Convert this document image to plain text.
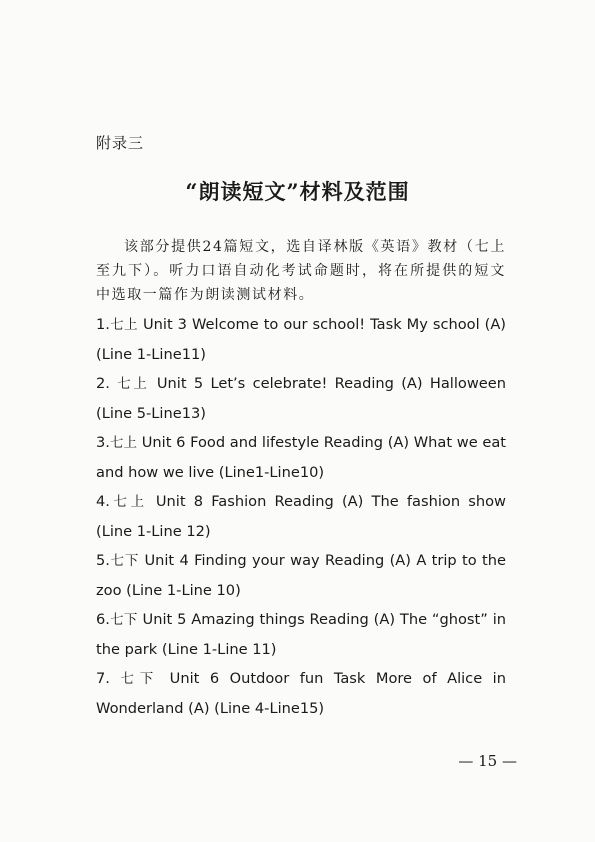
附录三
“朗读短文”材料及范围
该部分提供24篇短文，选自译林版《英语》教材（七上至九下）。听力口语自动化考试命题时，将在所提供的短文中选取一篇作为朗读测试材料。
1.七上 Unit 3 Welcome to our school! Task My school (A) (Line 1-Line11)
2. 七上 Unit 5 Let’s celebrate! Reading (A) Halloween (Line 5-Line13)
3.七上 Unit 6 Food and lifestyle Reading (A) What we eat and how we live (Line1-Line10)
4.七上 Unit 8 Fashion Reading (A) The fashion show (Line 1-Line 12)
5.七下 Unit 4 Finding your way Reading (A) A trip to the zoo (Line 1-Line 10)
6.七下 Unit 5 Amazing things Reading (A) The “ghost” in the park (Line 1-Line 11)
7. 七下 Unit 6 Outdoor fun Task More of Alice in Wonderland (A) (Line 4-Line15)
— 15 —
